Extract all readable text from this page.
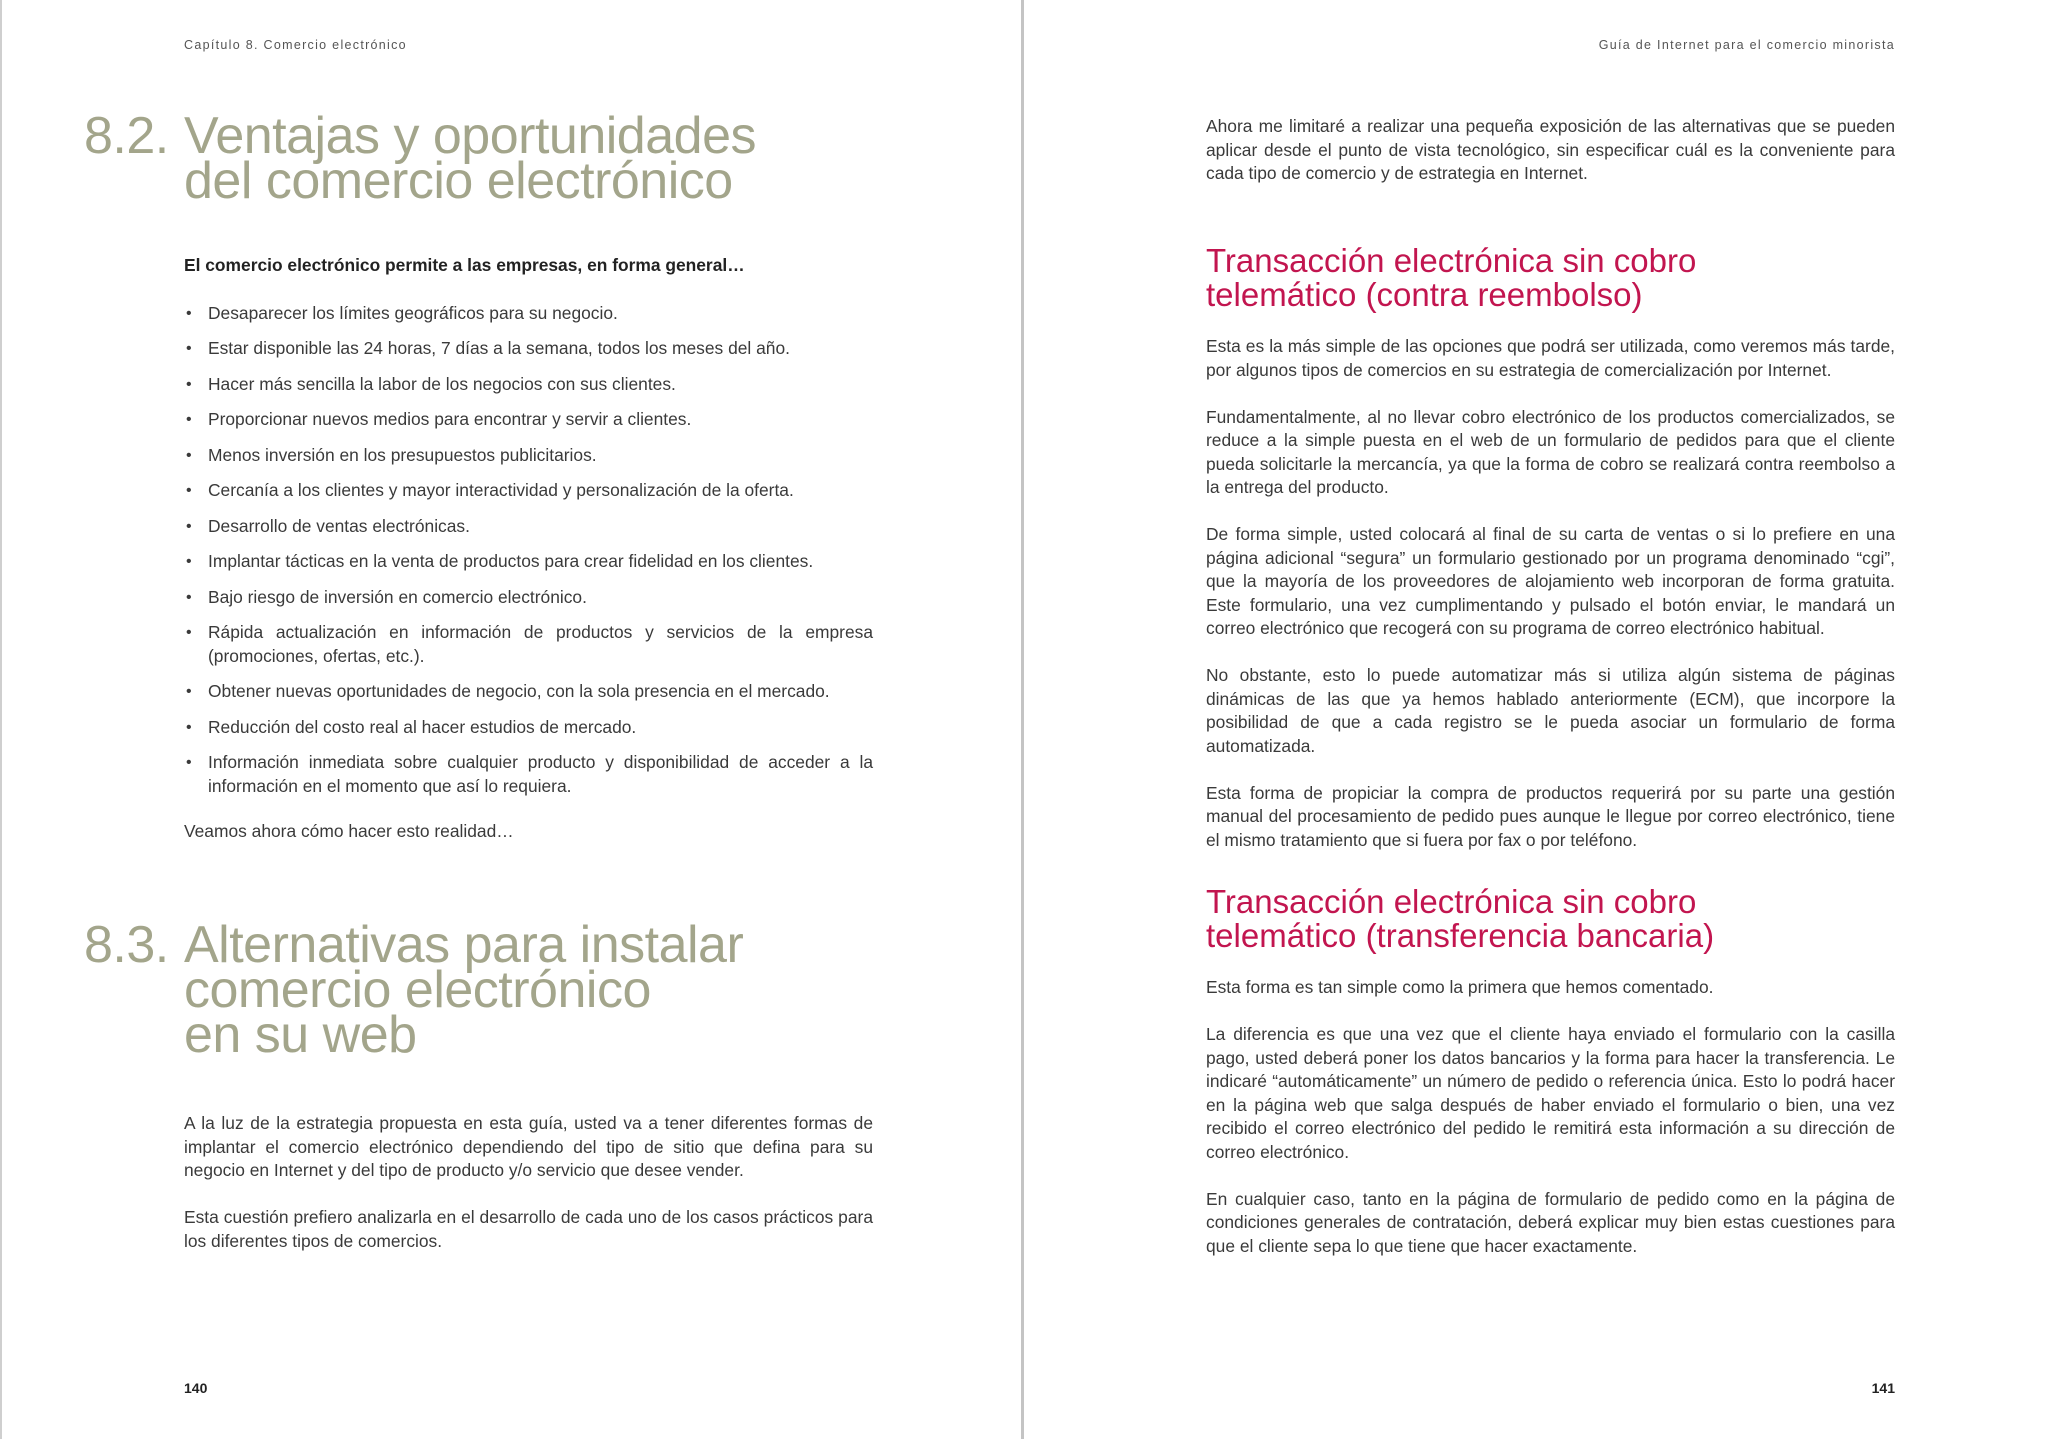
Capítulo 8. Comercio electrónico
8.2. Ventajas y oportunidades del comercio electrónico

El comercio electrónico permite a las empresas, en forma general…

• Desaparecer los límites geográficos para su negocio.
• Estar disponible las 24 horas, 7 días a la semana, todos los meses del año.
• Hacer más sencilla la labor de los negocios con sus clientes.
• Proporcionar nuevos medios para encontrar y servir a clientes.
• Menos inversión en los presupuestos publicitarios.
• Cercanía a los clientes y mayor interactividad y personalización de la oferta.
• Desarrollo de ventas electrónicas.
• Implantar tácticas en la venta de productos para crear fidelidad en los clientes.
• Bajo riesgo de inversión en comercio electrónico.
• Rápida actualización en información de productos y servicios de la empresa (promociones, ofertas, etc.).
• Obtener nuevas oportunidades de negocio, con la sola presencia en el mercado.
• Reducción del costo real al hacer estudios de mercado.
• Información inmediata sobre cualquier producto y disponibilidad de acceder a la información en el momento que así lo requiera.

Veamos ahora cómo hacer esto realidad…

8.3. Alternativas para instalar
comercio electrónico
en su web

A la luz de la estrategia propuesta en esta guía, usted va a tener diferentes formas de implantar el comercio electrónico dependiendo del tipo de sitio que defina para su negocio en Internet y del tipo de producto y/o servicio que desee vender.

Esta cuestión prefiero analizarla en el desarrollo de cada uno de los casos prácticos para los diferentes tipos de comercios.

140
Guía de Internet para el comercio minorista

Ahora me limitaré a realizar una pequeña exposición de las alternativas que se pueden aplicar desde el punto de vista tecnológico, sin especificar cuál es la conveniente para cada tipo de comercio y de estrategia en Internet.

Transacción electrónica sin cobro
telemático (contra reembolso)

Esta es la más simple de las opciones que podrá ser utilizada, como veremos más tarde, por algunos tipos de comercios en su estrategia de comercialización por Internet.

Fundamentalmente, al no llevar cobro electrónico de los productos comercializados, se reduce a la simple puesta en el web de un formulario de pedidos para que el cliente pueda solicitarle la mercancía, ya que la forma de cobro se realizará contra reembolso a la entrega del producto.

De forma simple, usted colocará al final de su carta de ventas o si lo prefiere en una página adicional “segura” un formulario gestionado por un programa denominado “cgi”, que la mayoría de los proveedores de alojamiento web incorporan de forma gratuita. Este formulario, una vez cumplimentando y pulsado el botón enviar, le mandará un correo electrónico que recogerá con su programa de correo electrónico habitual.

No obstante, esto lo puede automatizar más si utiliza algún sistema de páginas dinámicas de las que ya hemos hablado anteriormente (ECM), que incorpore la posibilidad de que a cada registro se le pueda asociar un formulario de forma automatizada.

Esta forma de propiciar la compra de productos requerirá por su parte una gestión manual del procesamiento de pedido pues aunque le llegue por correo electrónico, tiene el mismo tratamiento que si fuera por fax o por teléfono.

Transacción electrónica sin cobro
telemático (transferencia bancaria)

Esta forma es tan simple como la primera que hemos comentado.

La diferencia es que una vez que el cliente haya enviado el formulario con la casilla pago, usted deberá poner los datos bancarios y la forma para hacer la transferencia. Le indicaré “automáticamente” un número de pedido o referencia única. Esto lo podrá hacer en la página web que salga después de haber enviado el formulario o bien, una vez recibido el correo electrónico del pedido le remitirá esta información a su dirección de correo electrónico.

En cualquier caso, tanto en la página de formulario de pedido como en la página de condiciones generales de contratación, deberá explicar muy bien estas cuestiones para que el cliente sepa lo que tiene que hacer exactamente.

141
